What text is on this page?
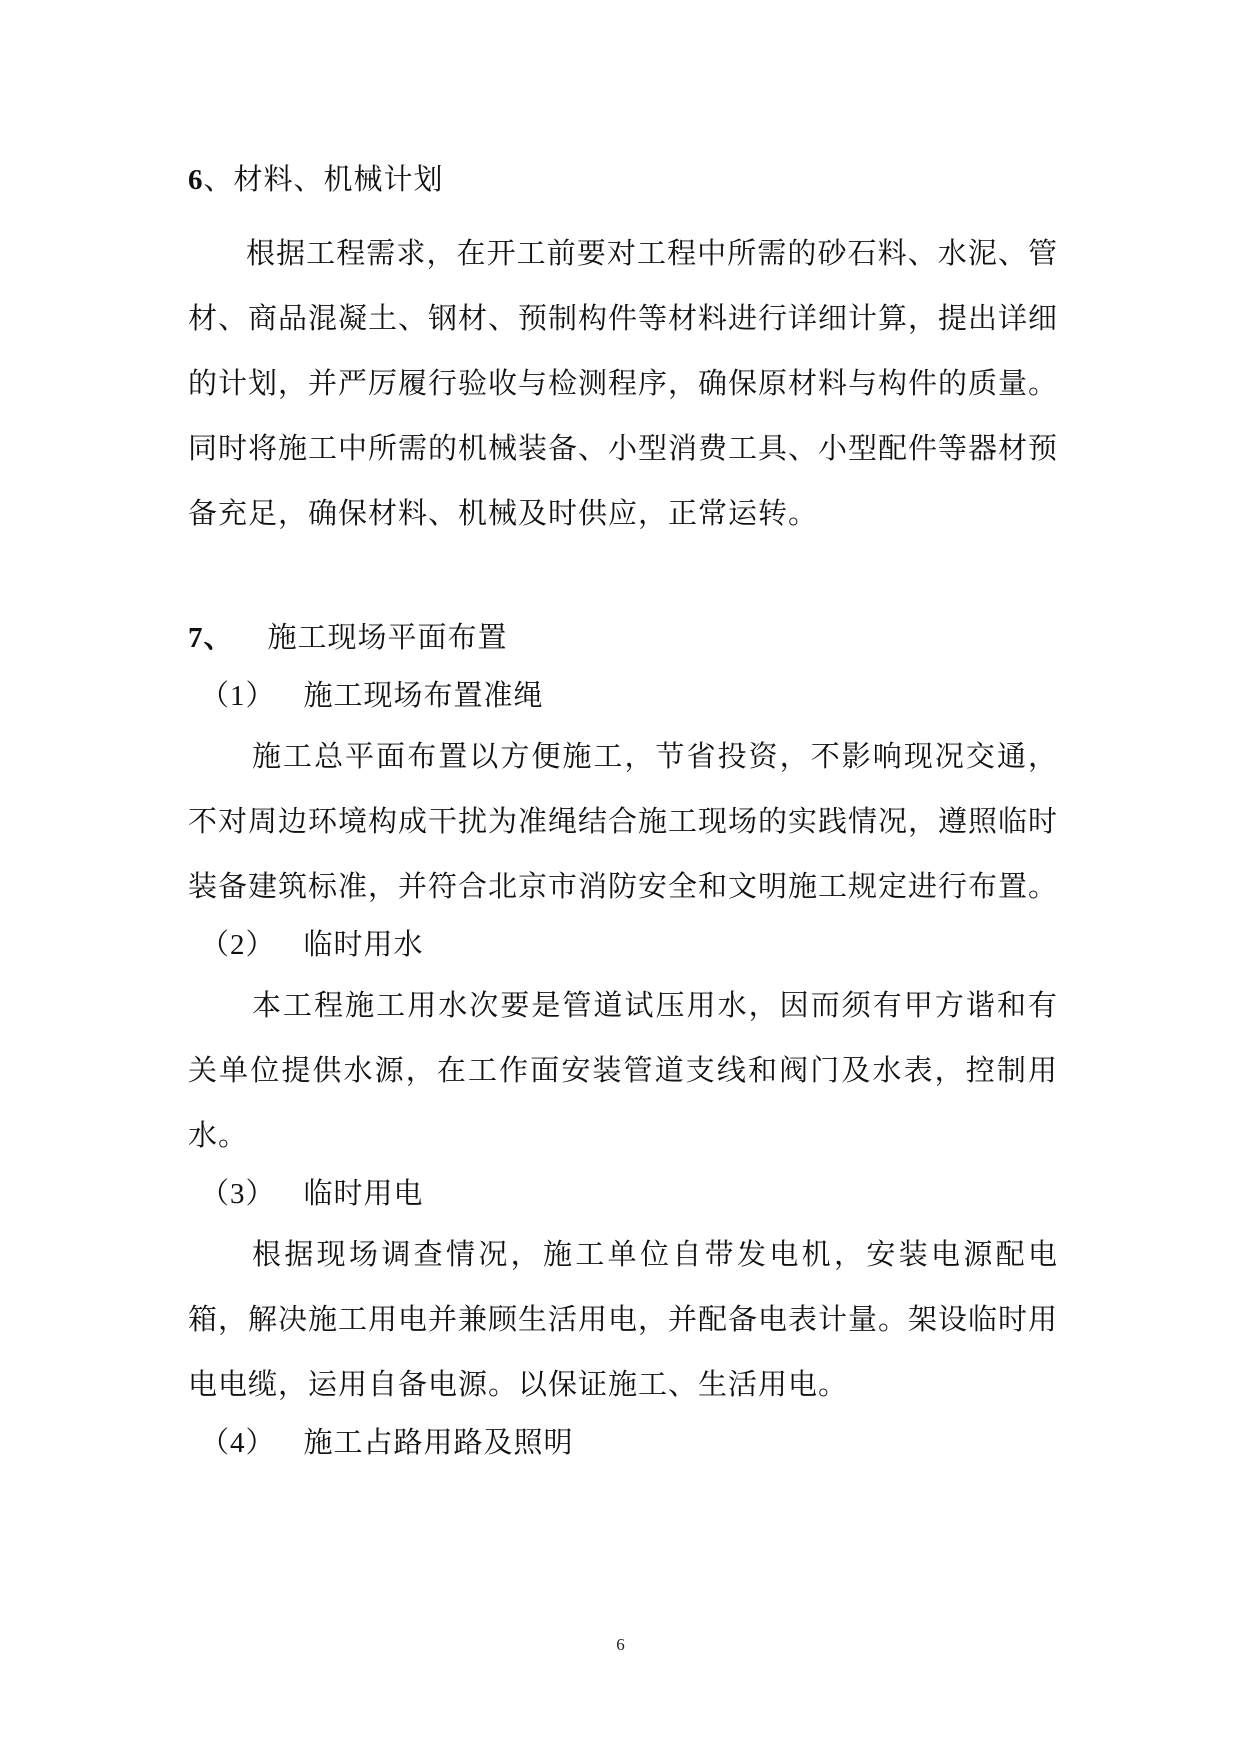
6、材料、机械计划

根据工程需求，在开工前要对工程中所需的砂石料、水泥、管材、商品混凝土、钢材、预制构件等材料进行详细计算，提出详细的计划，并严厉履行验收与检测程序，确保原材料与构件的质量。同时将施工中所需的机械装备、小型消费工具、小型配件等器材预备充足，确保材料、机械及时供应，正常运转。

7、 施工现场平面布置
（1） 施工现场布置准绳

施工总平面布置以方便施工，节省投资，不影响现况交通，不对周边环境构成干扰为准绳结合施工现场的实践情况，遵照临时装备建筑标准，并符合北京市消防安全和文明施工规定进行布置。

（2） 临时用水

本工程施工用水次要是管道试压用水，因而须有甲方谐和有关单位提供水源，在工作面安装管道支线和阀门及水表，控制用水。

（3） 临时用电

根据现场调查情况，施工单位自带发电机，安装电源配电箱，解决施工用电并兼顾生活用电，并配备电表计量。架设临时用电电缆，运用自备电源。以保证施工、生活用电。

（4） 施工占路用路及照明
6
